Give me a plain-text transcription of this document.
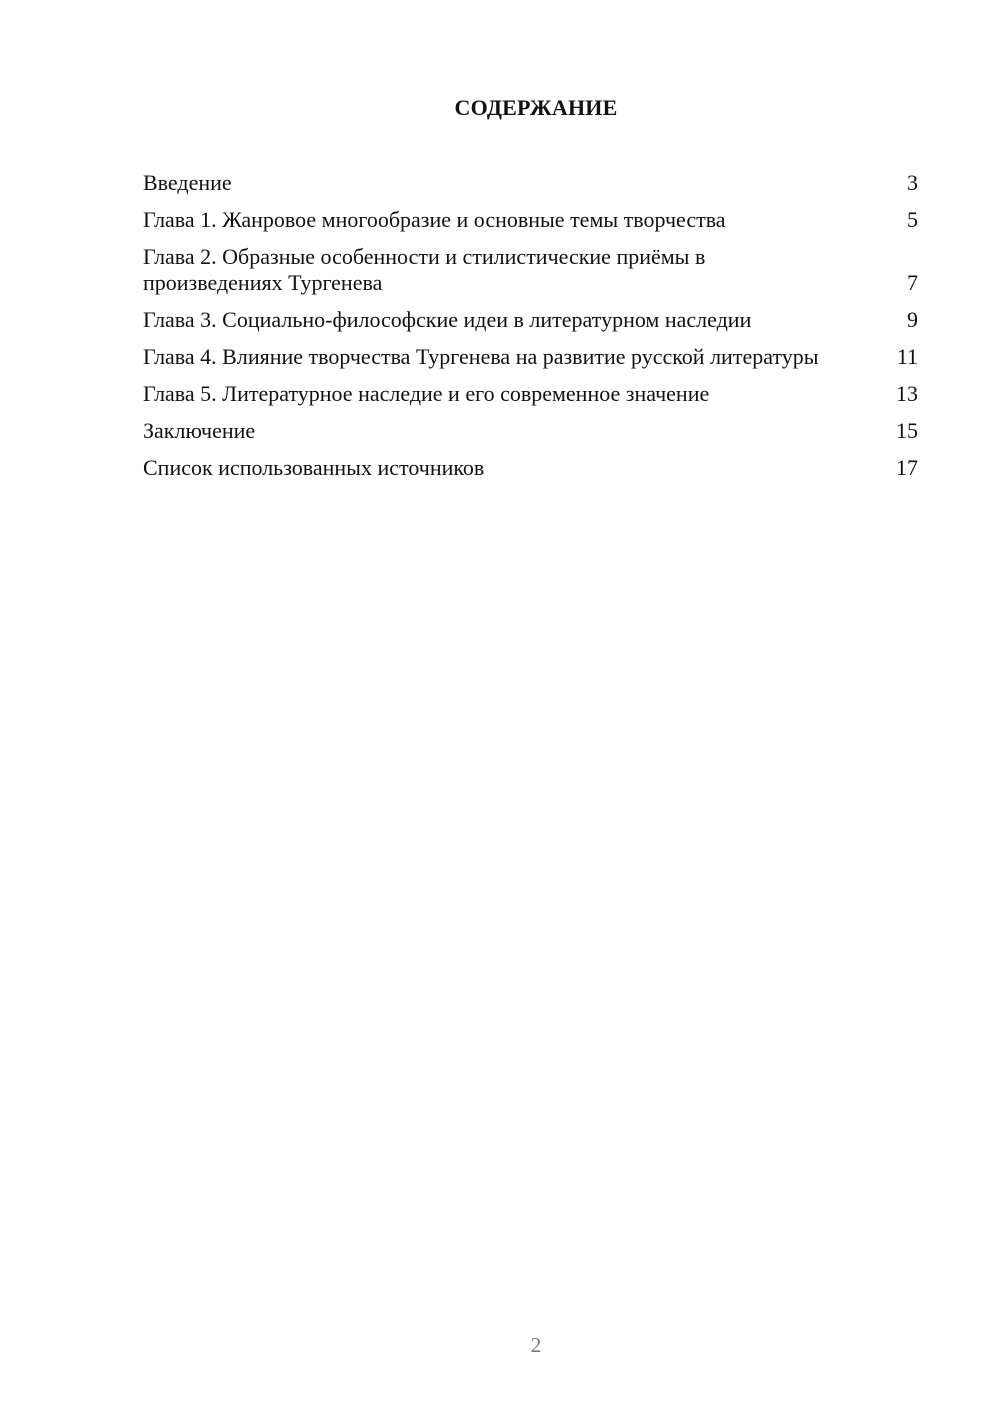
СОДЕРЖАНИЕ
Введение	3
Глава 1. Жанровое многообразие и основные темы творчества	5
Глава 2. Образные особенности и стилистические приёмы в произведениях Тургенева	7
Глава 3. Социально-философские идеи в литературном наследии	9
Глава 4. Влияние творчества Тургенева на развитие русской литературы	11
Глава 5. Литературное наследие и его современное значение	13
Заключение	15
Список использованных источников	17
2
